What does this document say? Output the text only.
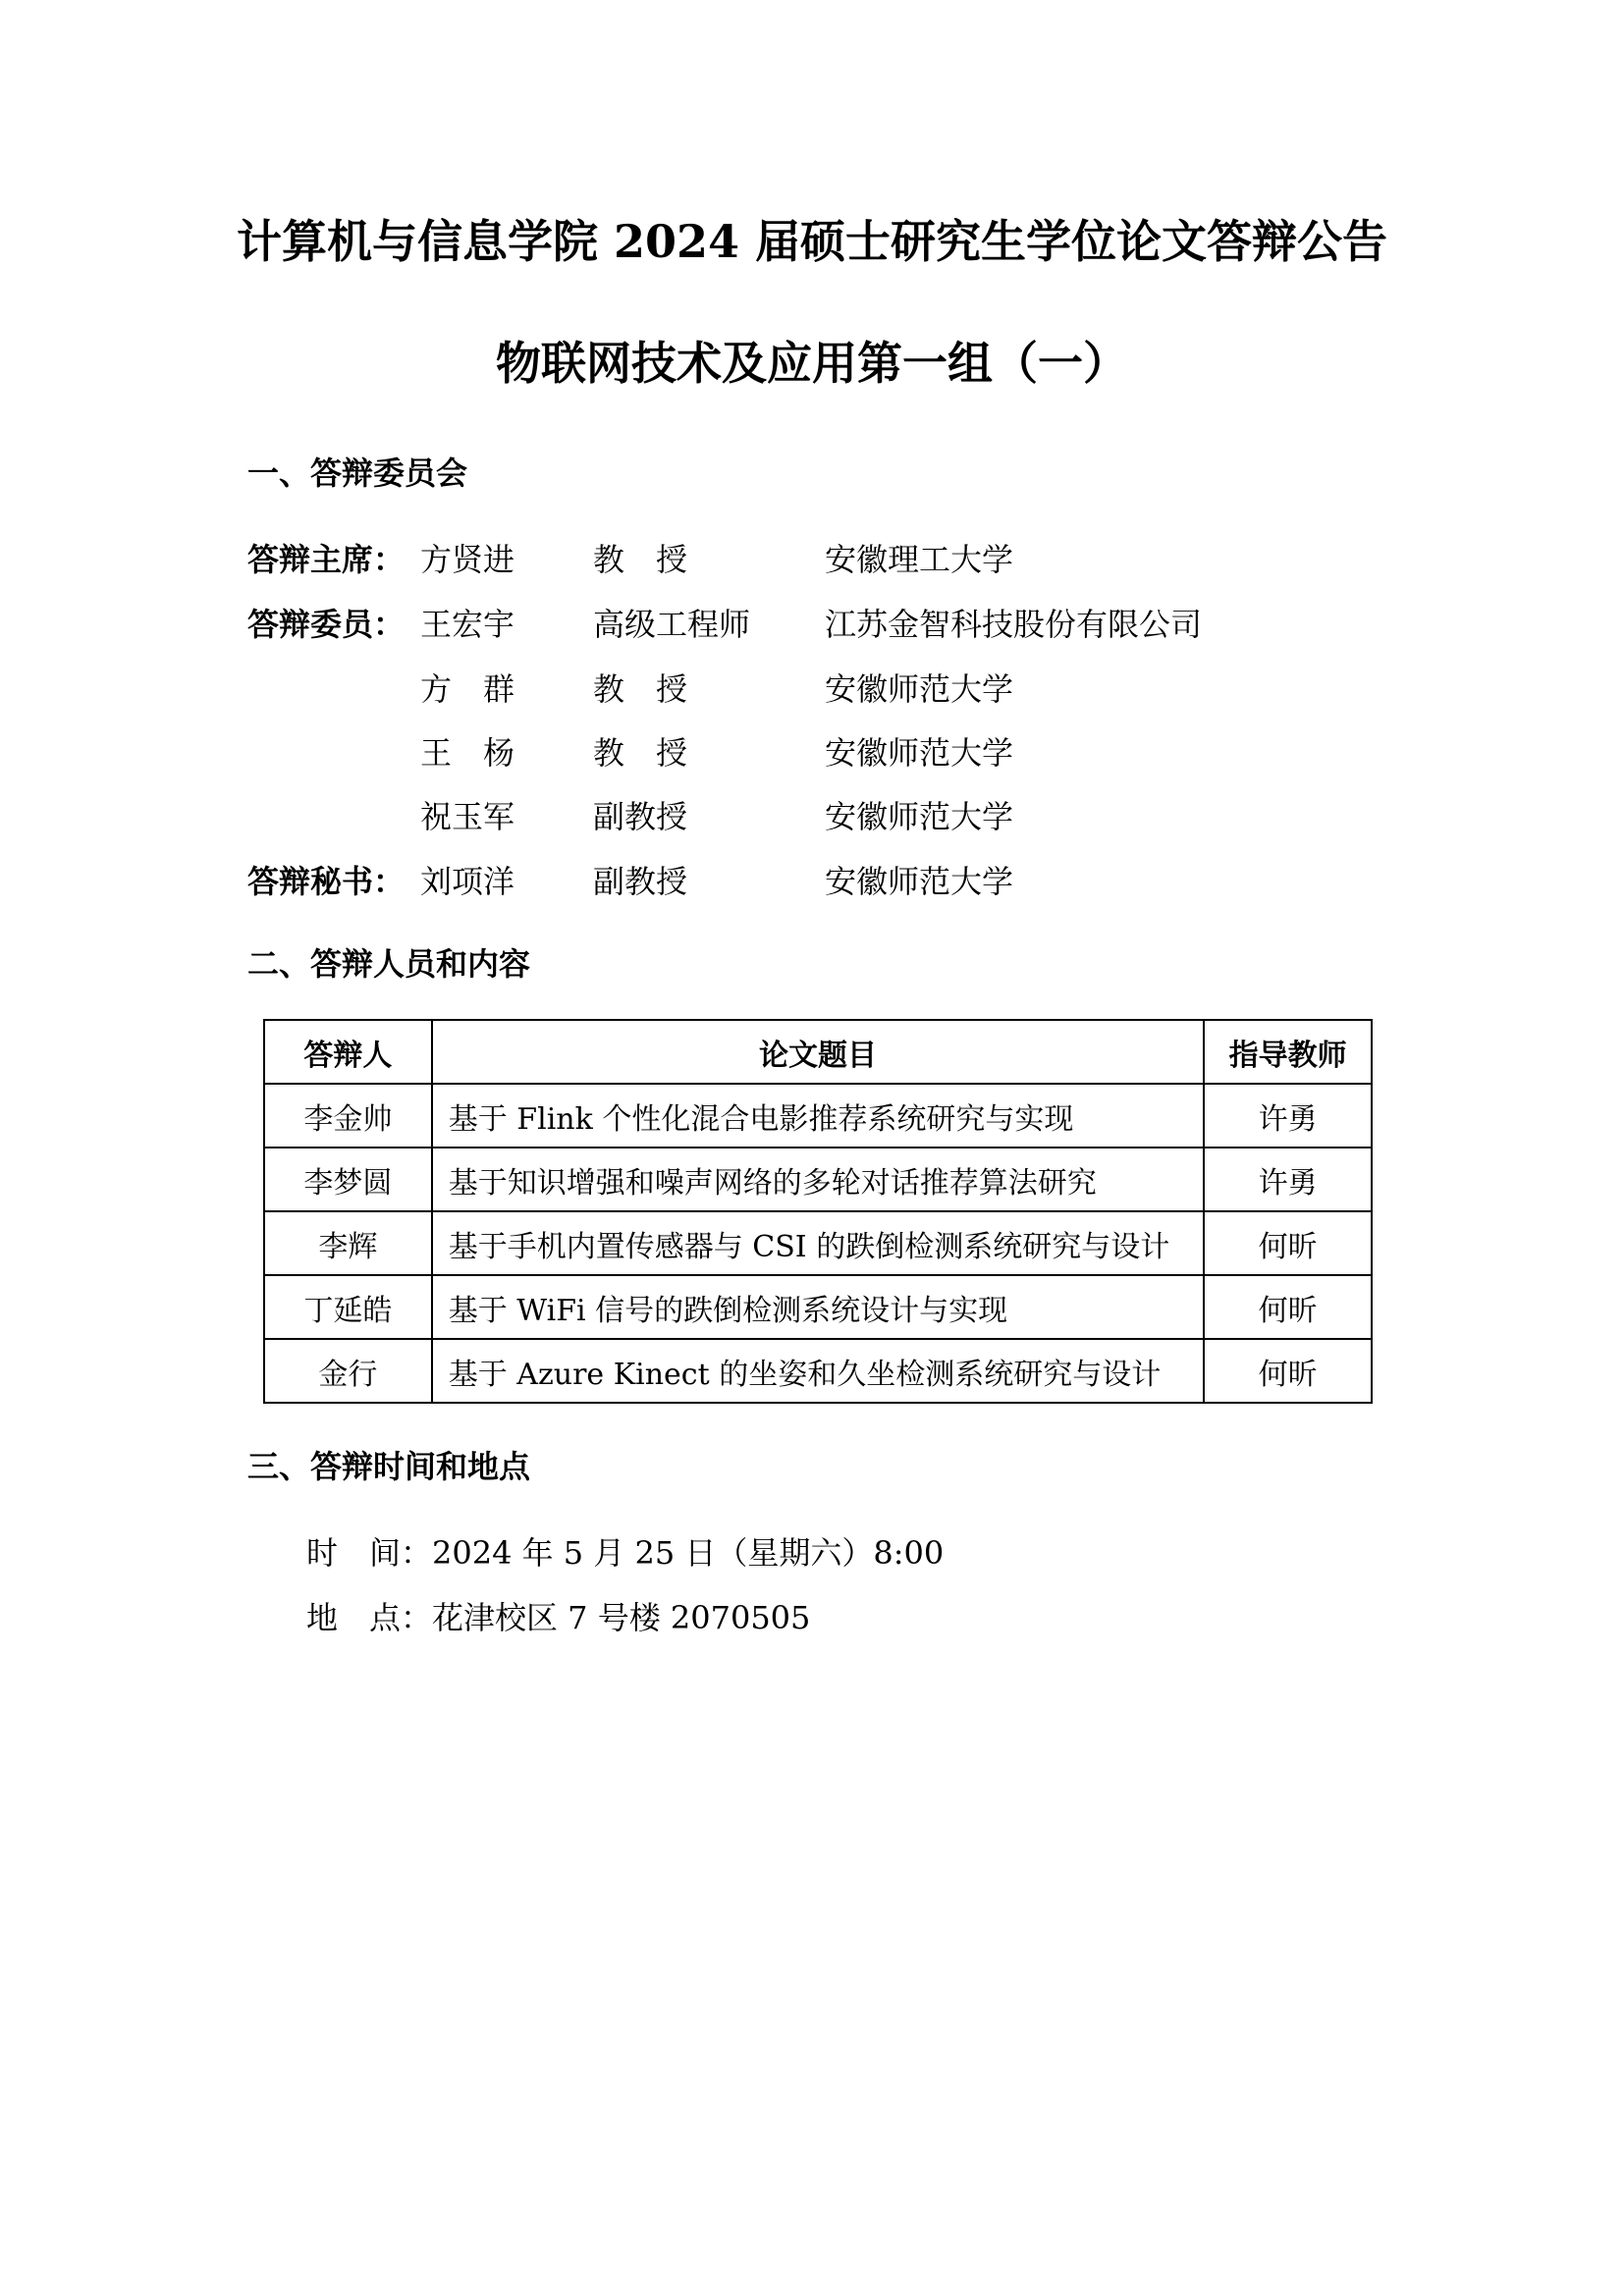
计算机与信息学院 2024 届硕士研究生学位论文答辩公告
物联网技术及应用第一组（一）
一、答辩委员会
答辩主席： 方贤进 教　授	安徽理工大学
答辩委员： 王宏宇 高级工程师 江苏金智科技股份有限公司
方　群 教　授	安徽师范大学
王　杨 教　授	安徽师范大学
祝玉军 副教授	安徽师范大学
答辩秘书： 刘项洋 副教授	安徽师范大学
二、答辩人员和内容
答辩人	论文题目	指导教师
李金帅	基于 Flink 个性化混合电影推荐系统研究与实现	许勇
李梦圆	基于知识增强和噪声网络的多轮对话推荐算法研究	许勇
李辉	基于手机内置传感器与 CSI 的跌倒检测系统研究与设计	何昕
丁延皓	基于 WiFi 信号的跌倒检测系统设计与实现	何昕
金行	基于 Azure Kinect 的坐姿和久坐检测系统研究与设计	何昕
三、答辩时间和地点
时间：2024 年 5 月 25 日（星期六）8:00
地点：花津校区 7 号楼 2070505
